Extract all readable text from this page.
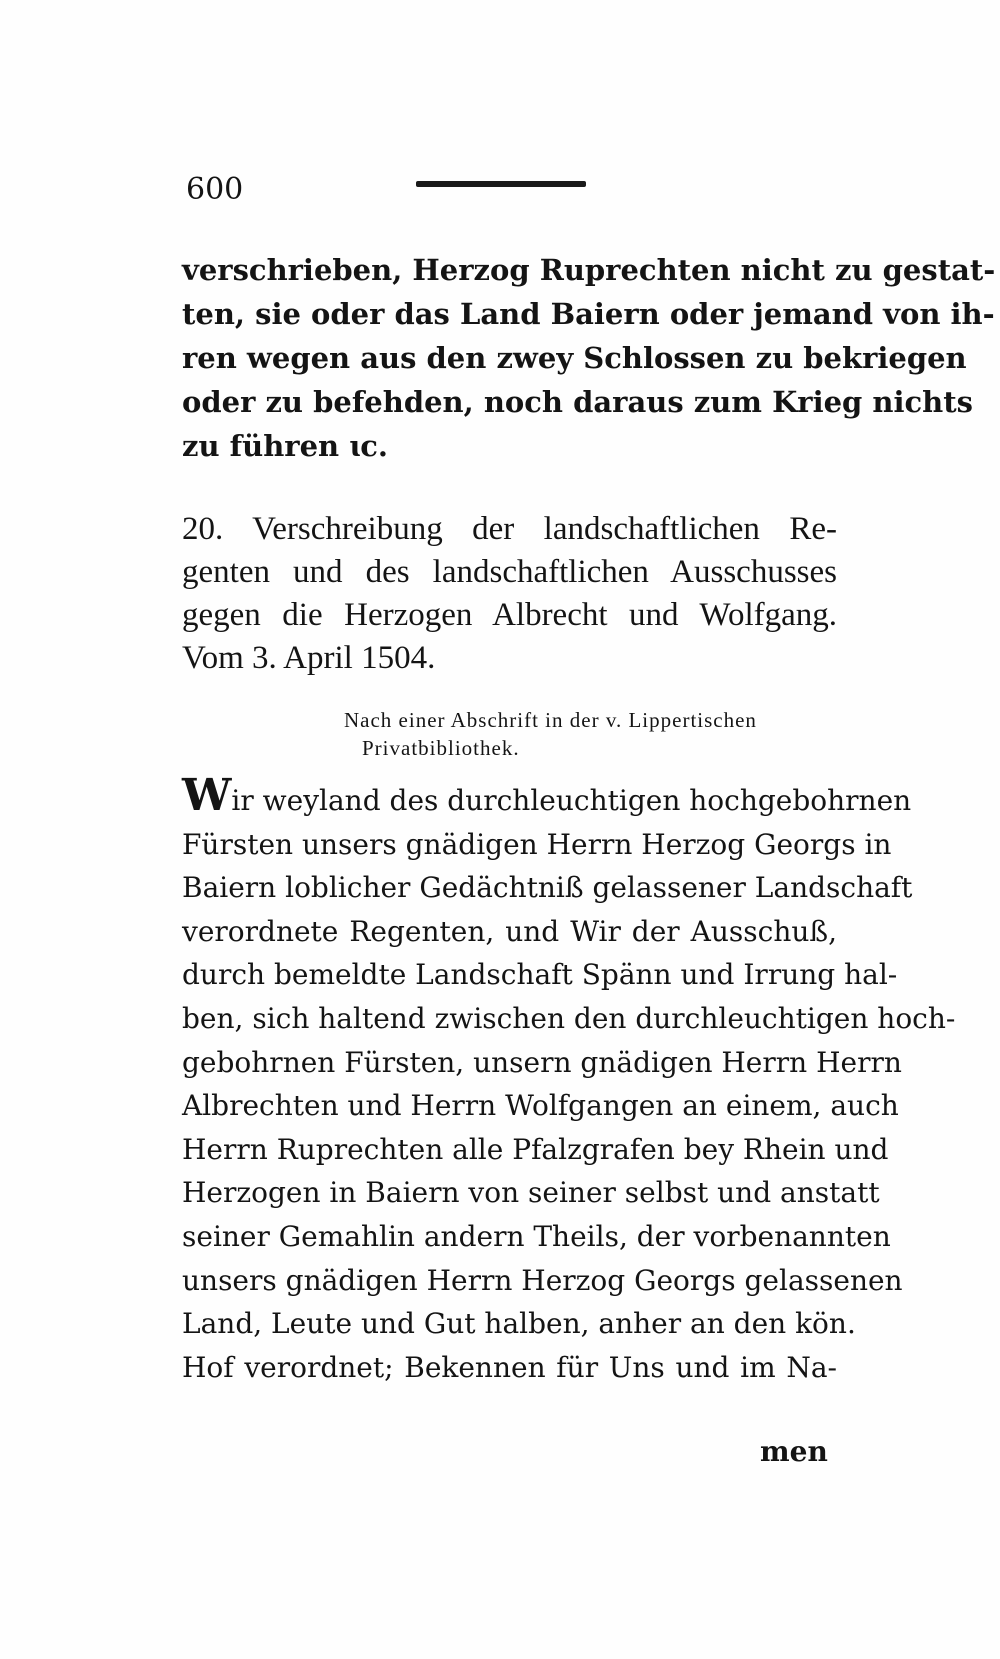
600
verschrieben, Herzog Ruprechten nicht zu gestat-
ten, sie oder das Land Baiern oder jemand von ih-
ren wegen aus den zwey Schlossen zu bekriegen
oder zu befehden, noch daraus zum Krieg nichts
zu führen ɩc.
20. Verschreibung der landschaftlichen Re-
genten und des landschaftlichen Ausschusses
gegen die Herzogen Albrecht und Wolfgang.
Vom 3. April 1504.
Nach einer Abschrift in der v. Lippertischen
Privatbibliothek.
Wir weyland des durchleuchtigen hochgebohrnen
Fürsten unsers gnädigen Herrn Herzog Georgs in
Baiern loblicher Gedächtniß gelassener Landschaft
verordnete Regenten, und Wir der Ausschuß,
durch bemeldte Landschaft Spänn und Irrung hal-
ben, sich haltend zwischen den durchleuchtigen hoch-
gebohrnen Fürsten, unsern gnädigen Herrn Herrn
Albrechten und Herrn Wolfgangen an einem, auch
Herrn Ruprechten alle Pfalzgrafen bey Rhein und
Herzogen in Baiern von seiner selbst und anstatt
seiner Gemahlin andern Theils, der vorbenannten
unsers gnädigen Herrn Herzog Georgs gelassenen
Land, Leute und Gut halben, anher an den kön.
Hof verordnet; Bekennen für Uns und im Na-
men
